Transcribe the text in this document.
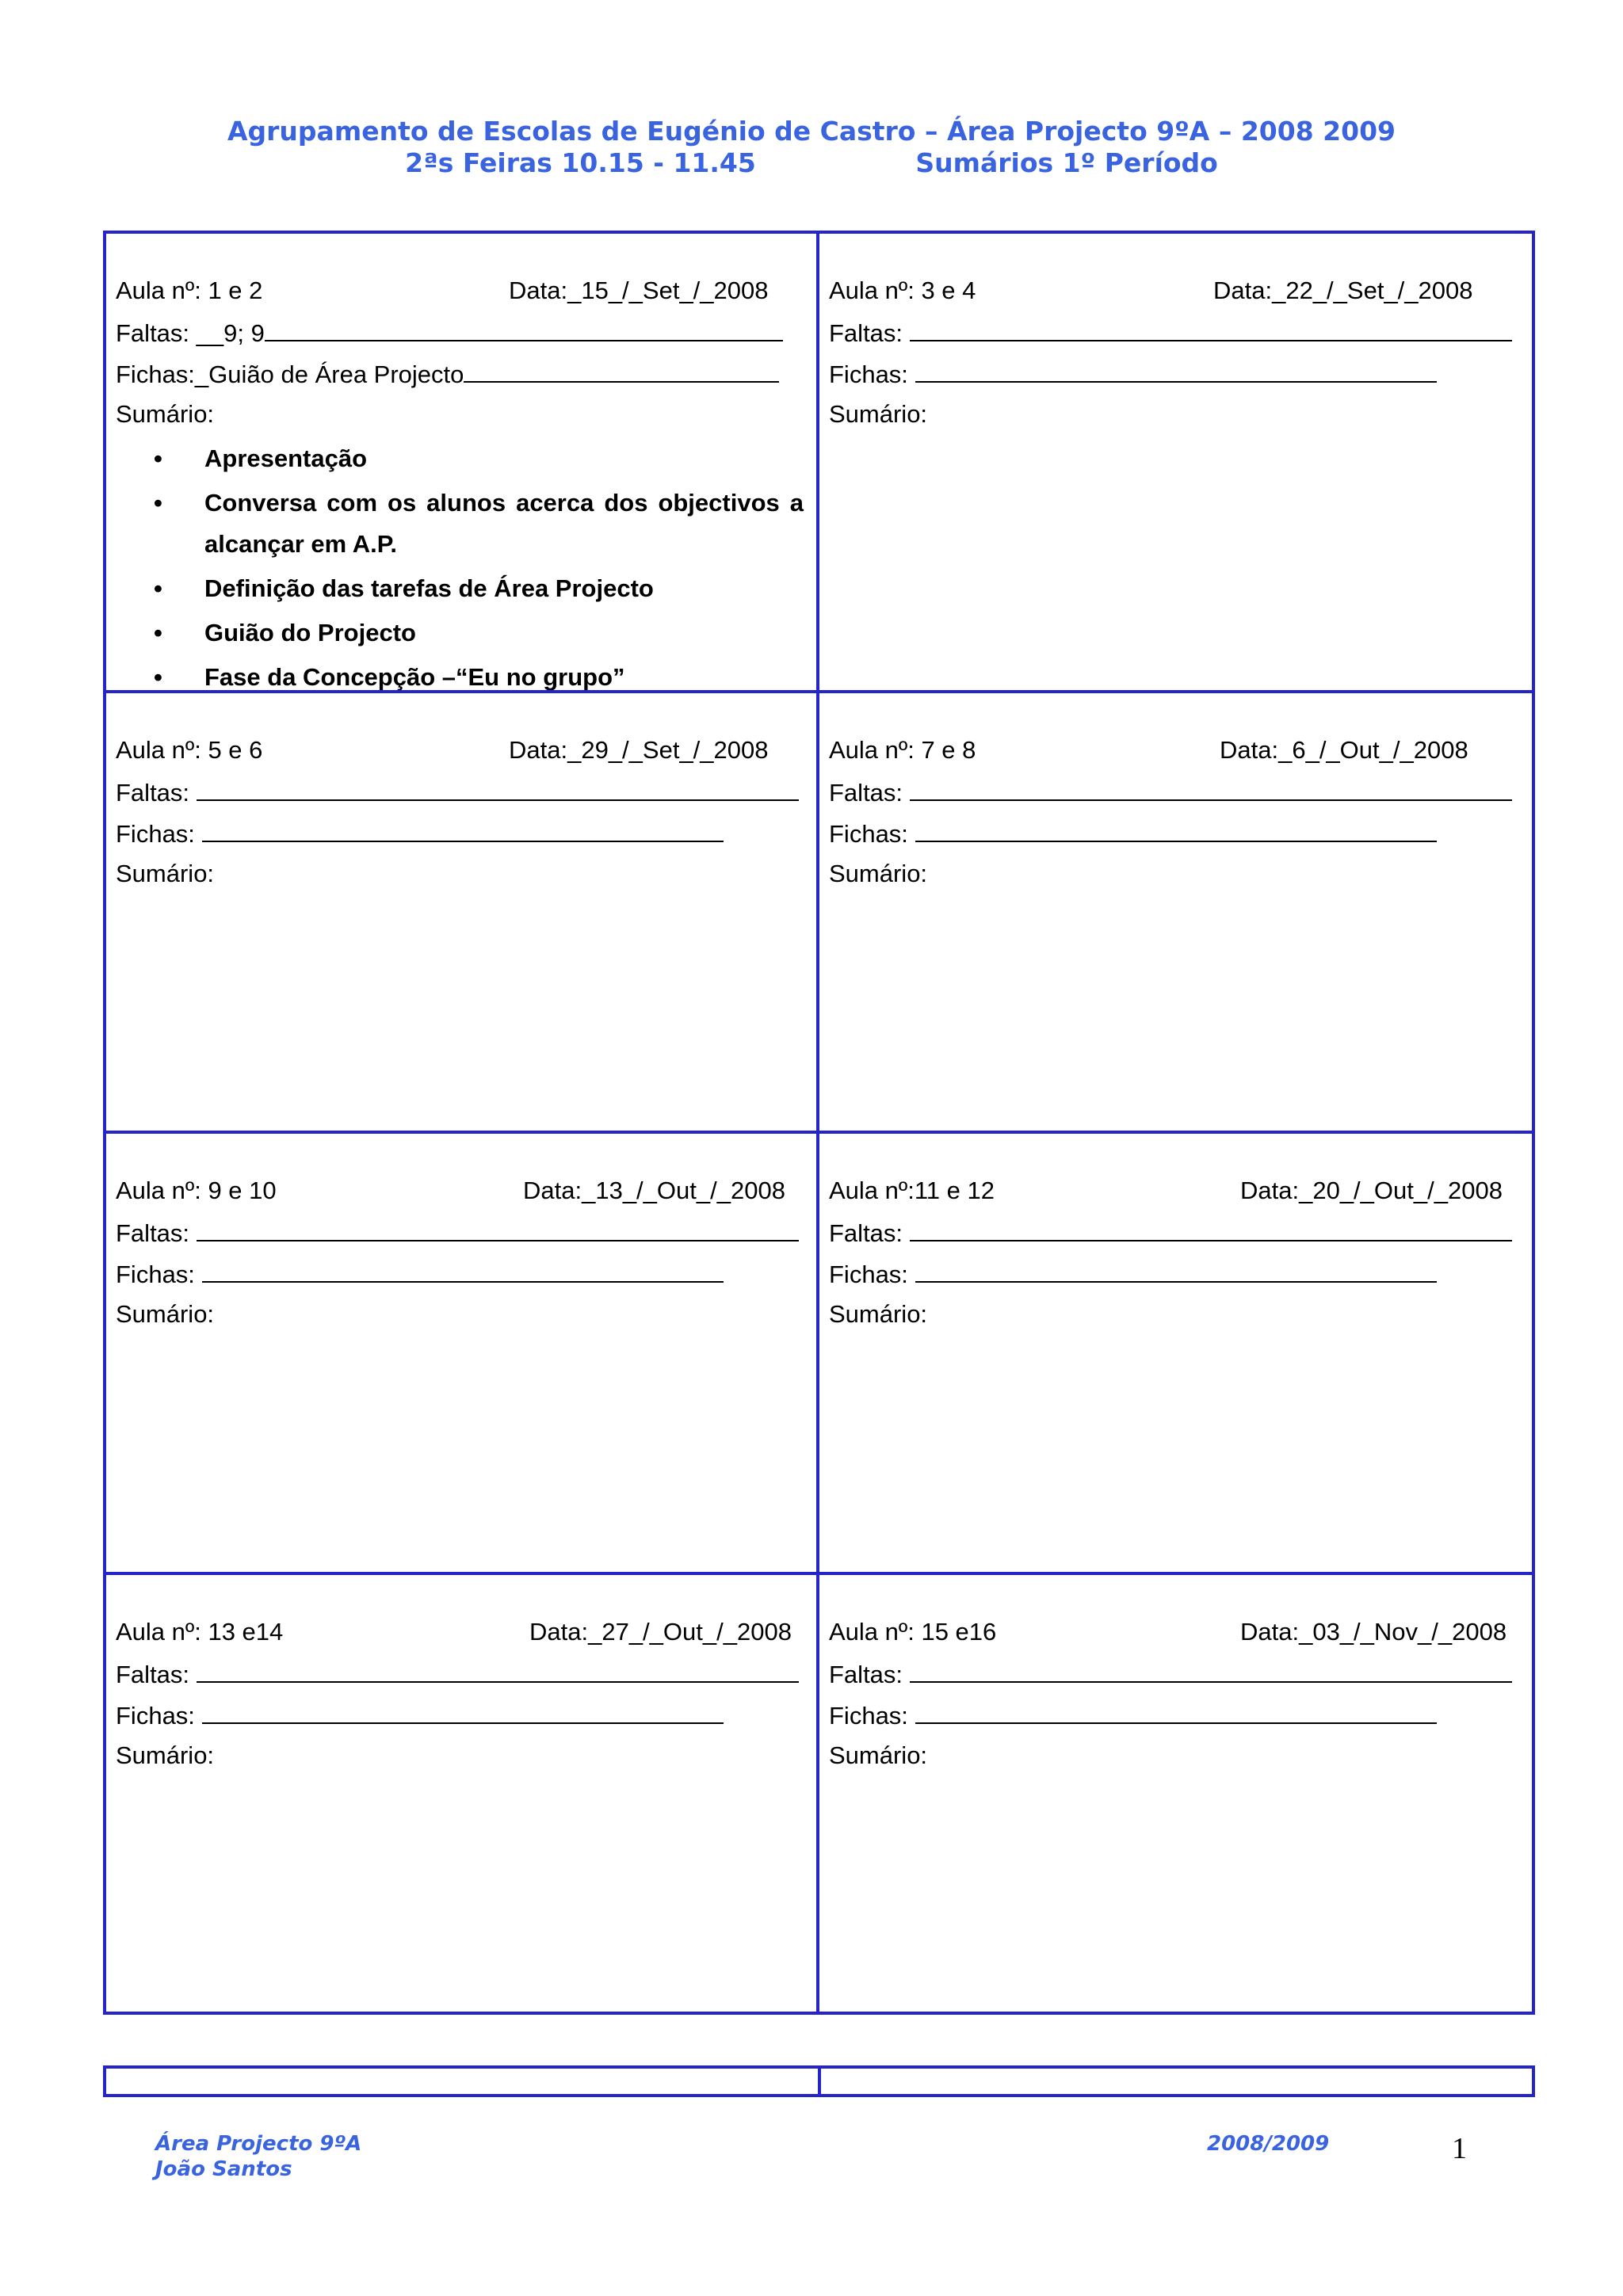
Agrupamento de Escolas de Eugénio de Castro – Área Projecto 9ºA – 2008 2009
2ªs Feiras 10.15 - 11.45	Sumários 1º Período
Aula nº: 1 e 2	Data:_15_/_Set_/_2008
Faltas: __9; 9
Fichas:_Guião de Área Projecto
Sumário:
• Apresentação
• Conversa com os alunos acerca dos objectivos a alcançar em A.P.
• Definição das tarefas de Área Projecto
• Guião do Projecto
• Fase da Concepção –“Eu no grupo”
Aula nº: 3 e 4	Data:_22_/_Set_/_2008
Faltas:
Fichas:
Sumário:
Aula nº: 5 e 6	Data:_29_/_Set_/_2008
Faltas:
Fichas:
Sumário:
Aula nº: 7 e 8	Data:_6_/_Out_/_2008
Faltas:
Fichas:
Sumário:
Aula nº: 9 e 10	Data:_13_/_Out_/_2008
Faltas:
Fichas:
Sumário:
Aula nº:11 e 12	Data:_20_/_Out_/_2008
Faltas:
Fichas:
Sumário:
Aula nº: 13 e14	Data:_27_/_Out_/_2008
Faltas:
Fichas:
Sumário:
Aula nº: 15 e16	Data:_03_/_Nov_/_2008
Faltas:
Fichas:
Sumário:
Área Projecto 9ºA
João Santos
2008/2009	1
